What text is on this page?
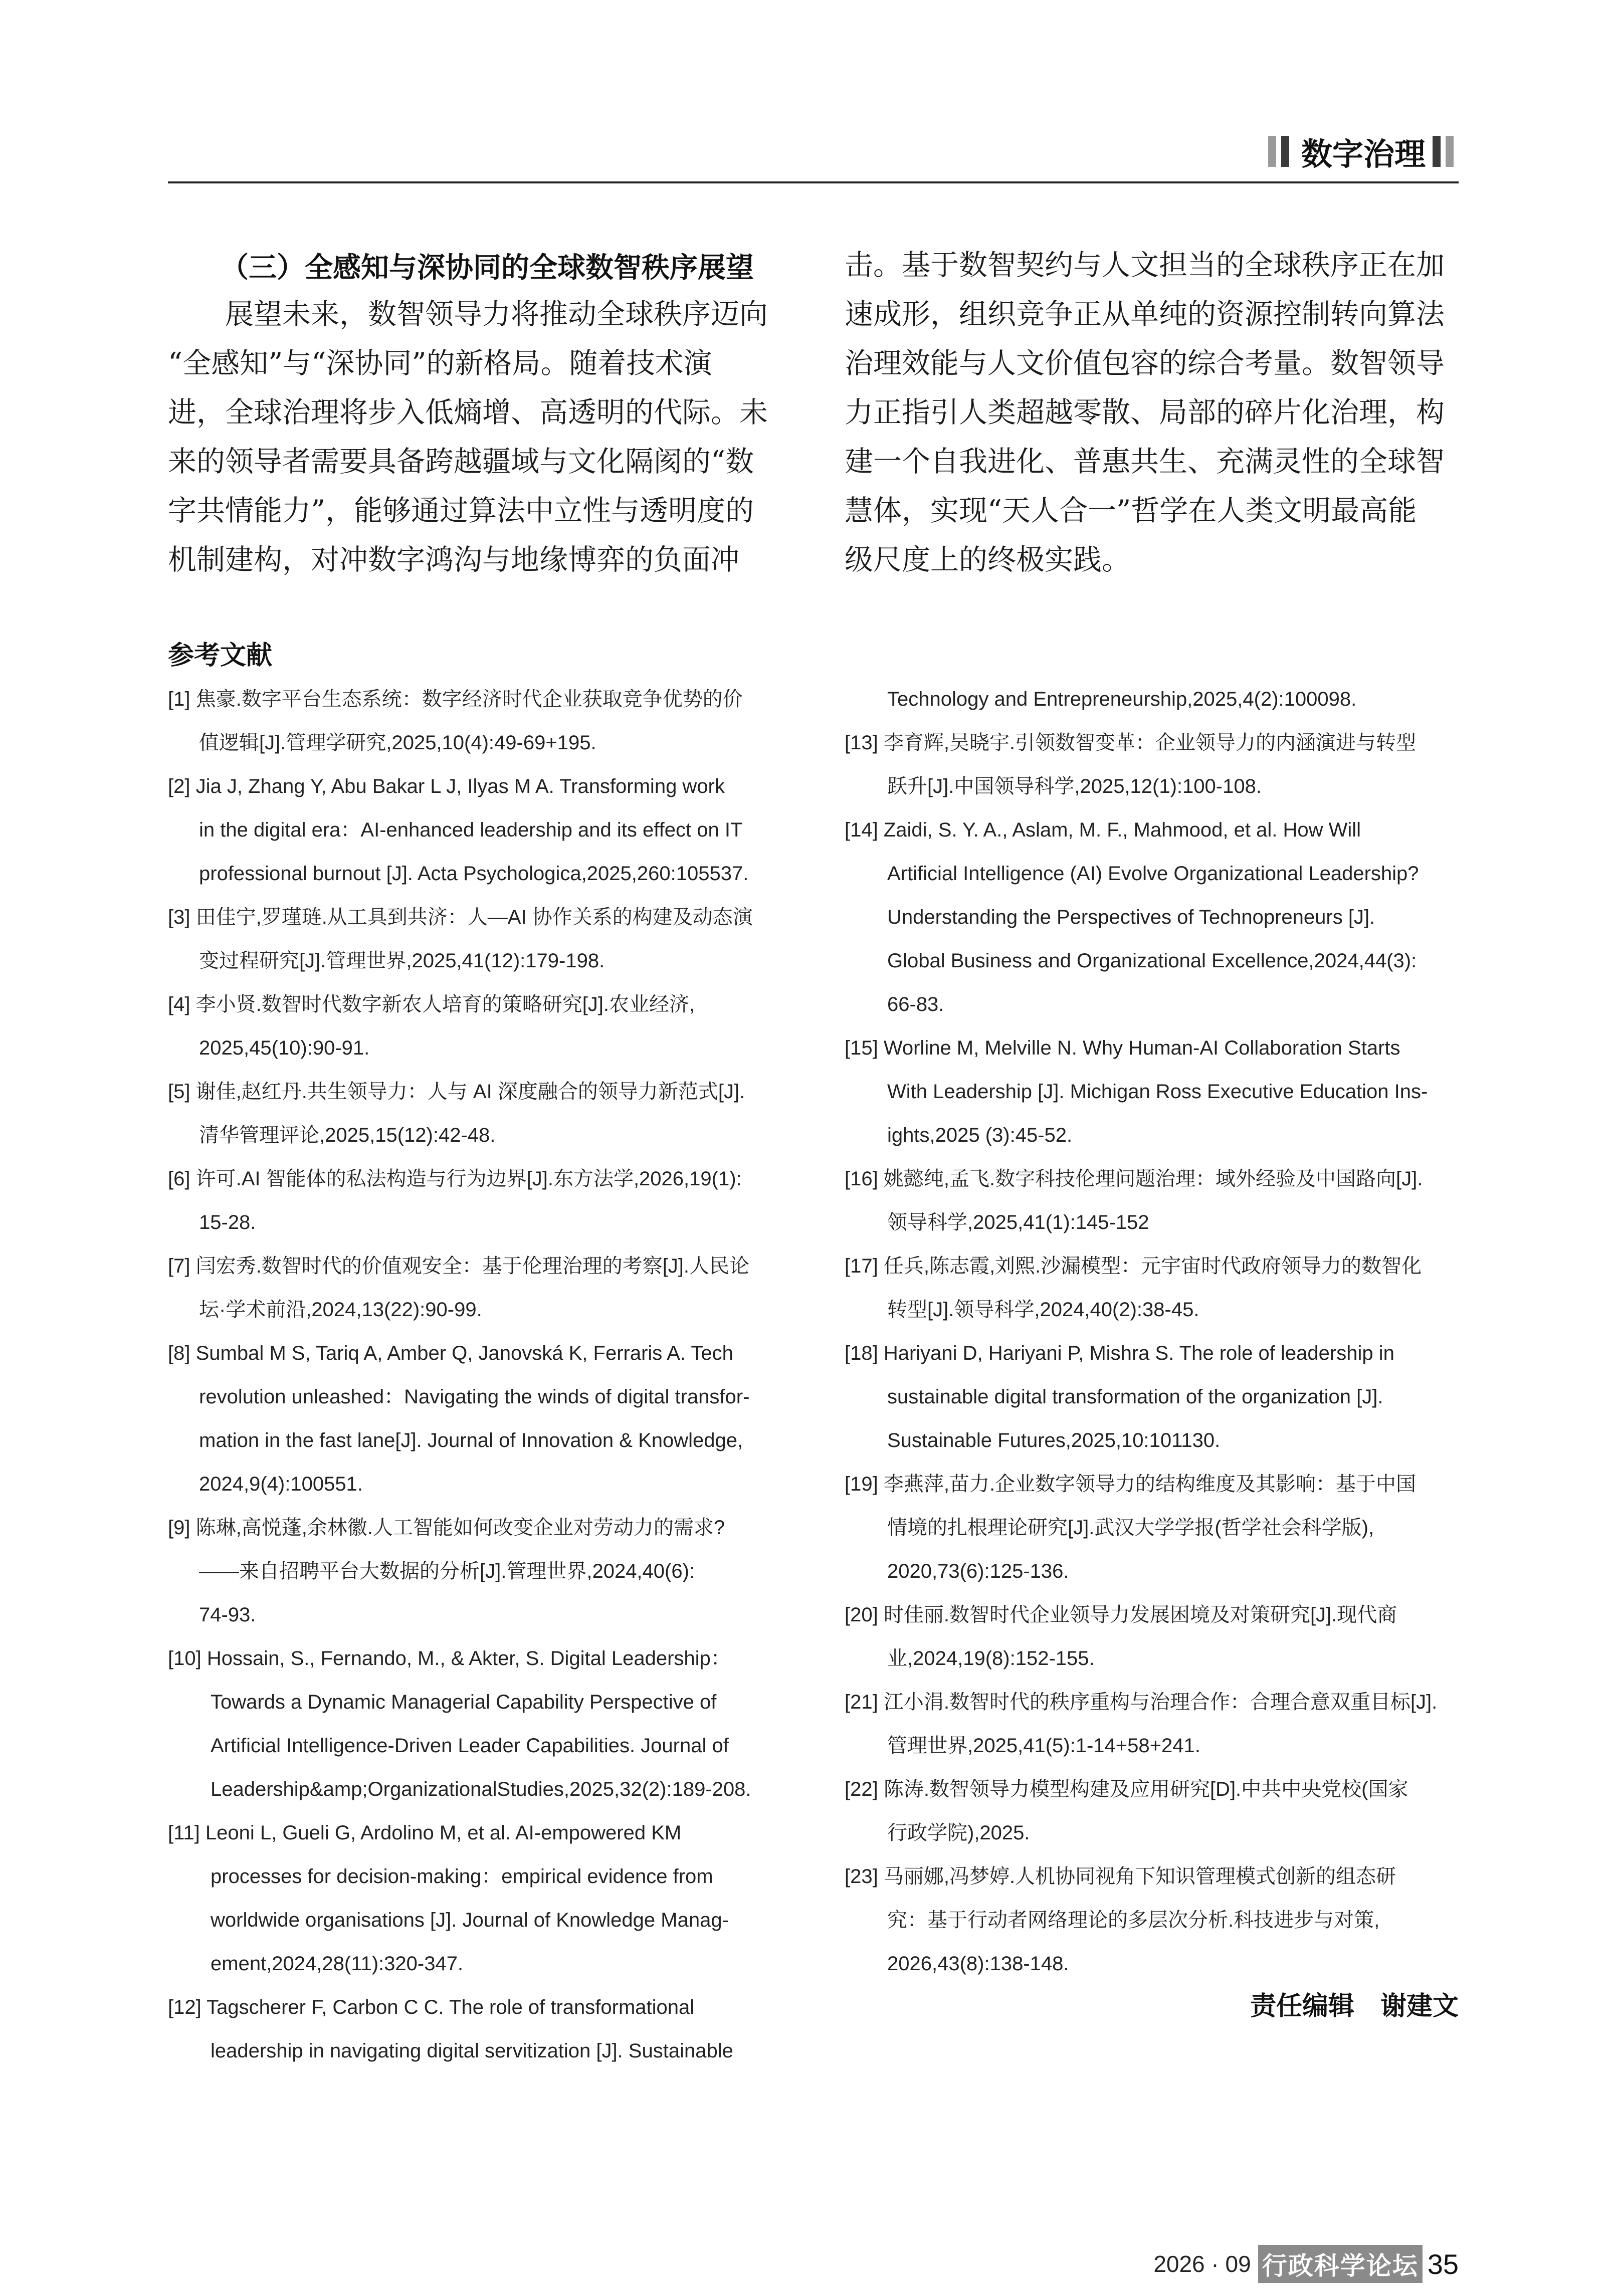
数字治理
（三）全感知与深协同的全球数智秩序展望
　　展望未来，数智领导力将推动全球秩序迈向
“全感知”与“深协同”的新格局。随着技术演
进，全球治理将步入低熵增、高透明的代际。未
来的领导者需要具备跨越疆域与文化隔阂的“数
字共情能力”，能够通过算法中立性与透明度的
机制建构，对冲数字鸿沟与地缘博弈的负面冲
击。基于数智契约与人文担当的全球秩序正在加
速成形，组织竞争正从单纯的资源控制转向算法
治理效能与人文价值包容的综合考量。数智领导
力正指引人类超越零散、局部的碎片化治理，构
建一个自我进化、普惠共生、充满灵性的全球智
慧体，实现“天人合一”哲学在人类文明最高能
级尺度上的终极实践。
参考文献
[1] 焦豪.数字平台生态系统：数字经济时代企业获取竞争优势的价
值逻辑[J].管理学研究,2025,10(4):49-69+195.
[2] Jia J, Zhang Y, Abu Bakar L J, Ilyas M A. Transforming work
in the digital era：AI-enhanced leadership and its effect on IT
professional burnout [J]. Acta Psychologica,2025,260:105537.
[3] 田佳宁,罗瑾琏.从工具到共济：人—AI 协作关系的构建及动态演
变过程研究[J].管理世界,2025,41(12):179-198.
[4] 李小贤.数智时代数字新农人培育的策略研究[J].农业经济,
2025,45(10):90-91.
[5] 谢佳,赵红丹.共生领导力：人与 AI 深度融合的领导力新范式[J].
清华管理评论,2025,15(12):42-48.
[6] 许可.AI 智能体的私法构造与行为边界[J].东方法学,2026,19(1):
15-28.
[7] 闫宏秀.数智时代的价值观安全：基于伦理治理的考察[J].人民论
坛·学术前沿,2024,13(22):90-99.
[8] Sumbal M S, Tariq A, Amber Q, Janovská K, Ferraris A. Tech
revolution unleashed：Navigating the winds of digital transfor-
mation in the fast lane[J]. Journal of Innovation & Knowledge,
2024,9(4):100551.
[9] 陈琳,高悦蓬,余林徽.人工智能如何改变企业对劳动力的需求?
——来自招聘平台大数据的分析[J].管理世界,2024,40(6):
74-93.
[10] Hossain, S., Fernando, M., & Akter, S. Digital Leadership：
Towards a Dynamic Managerial Capability Perspective of
Artificial Intelligence-Driven Leader Capabilities. Journal of
Leadership&amp;OrganizationalStudies,2025,32(2):189-208.
[11] Leoni L, Gueli G, Ardolino M, et al. AI-empowered KM
processes for decision-making：empirical evidence from
worldwide organisations [J]. Journal of Knowledge Manag-
ement,2024,28(11):320-347.
[12] Tagscherer F, Carbon C C. The role of transformational
leadership in navigating digital servitization [J]. Sustainable
Technology and Entrepreneurship,2025,4(2):100098.
[13] 李育辉,吴晓宇.引领数智变革：企业领导力的内涵演进与转型
跃升[J].中国领导科学,2025,12(1):100-108.
[14] Zaidi, S. Y. A., Aslam, M. F., Mahmood, et al. How Will
Artificial Intelligence (AI) Evolve Organizational Leadership?
Understanding the Perspectives of Technopreneurs [J].
Global Business and Organizational Excellence,2024,44(3):
66-83.
[15] Worline M, Melville N. Why Human-AI Collaboration Starts
With Leadership [J]. Michigan Ross Executive Education Ins-
ights,2025 (3):45-52.
[16] 姚懿纯,孟飞.数字科技伦理问题治理：域外经验及中国路向[J].
领导科学,2025,41(1):145-152
[17] 任兵,陈志霞,刘熙.沙漏模型：元宇宙时代政府领导力的数智化
转型[J].领导科学,2024,40(2):38-45.
[18] Hariyani D, Hariyani P, Mishra S. The role of leadership in
sustainable digital transformation of the organization [J].
Sustainable Futures,2025,10:101130.
[19] 李燕萍,苗力.企业数字领导力的结构维度及其影响：基于中国
情境的扎根理论研究[J].武汉大学学报(哲学社会科学版),
2020,73(6):125-136.
[20] 时佳丽.数智时代企业领导力发展困境及对策研究[J].现代商
业,2024,19(8):152-155.
[21] 江小涓.数智时代的秩序重构与治理合作：合理合意双重目标[J].
管理世界,2025,41(5):1-14+58+241.
[22] 陈涛.数智领导力模型构建及应用研究[D].中共中央党校(国家
行政学院),2025.
[23] 马丽娜,冯梦婷.人机协同视角下知识管理模式创新的组态研
究：基于行动者网络理论的多层次分析.科技进步与对策,
2026,43(8):138-148.
责任编辑　谢建文
2026 · 09 行政科学论坛 35
